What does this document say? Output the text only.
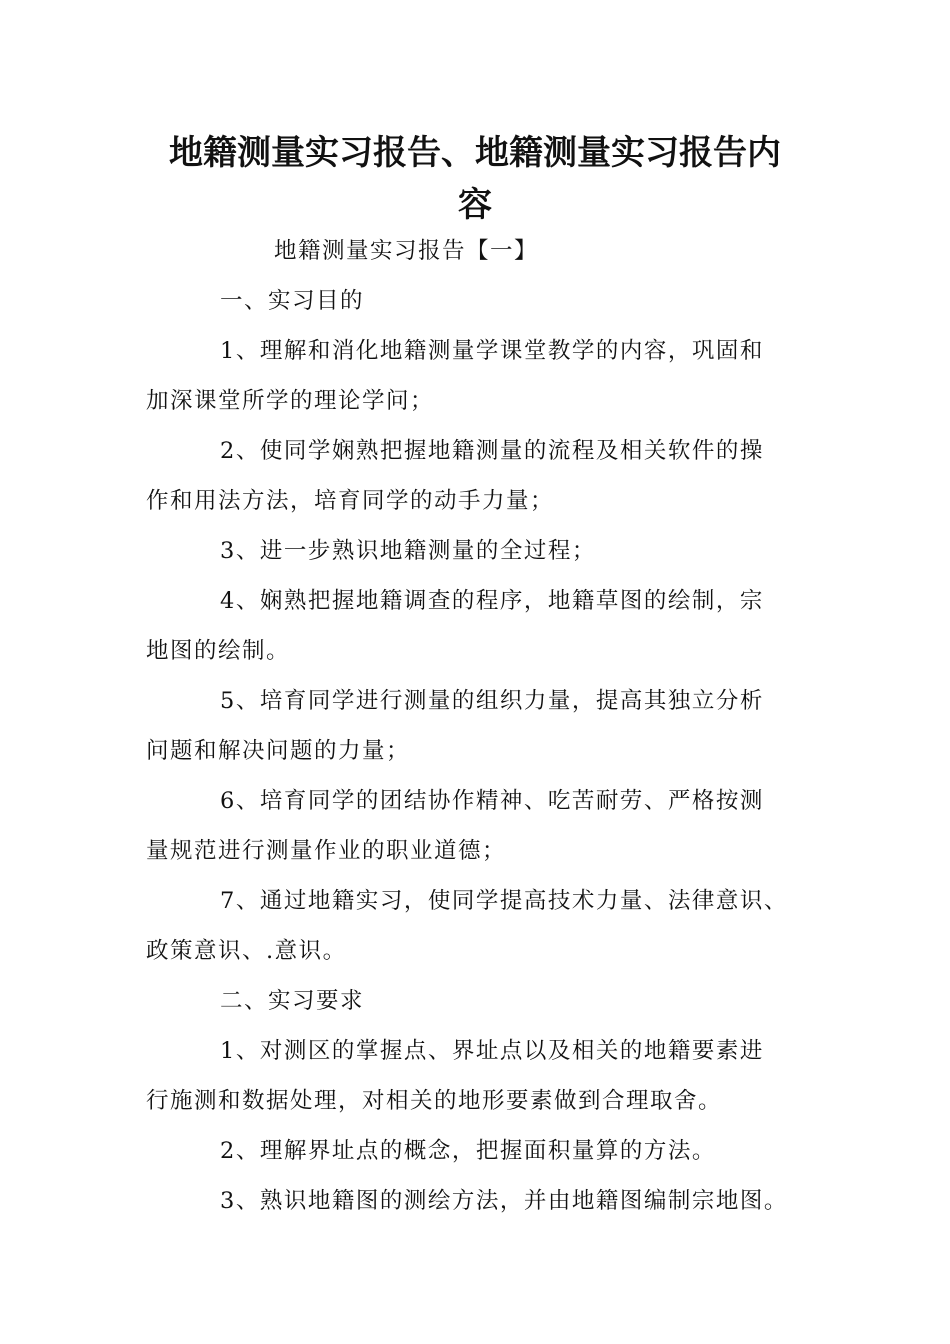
地籍测量实习报告、地籍测量实习报告内
容
地籍测量实习报告【一】
一、实习目的
1、理解和消化地籍测量学课堂教学的内容，巩固和
加深课堂所学的理论学问；
2、使同学娴熟把握地籍测量的流程及相关软件的操
作和用法方法，培育同学的动手力量；
3、进一步熟识地籍测量的全过程；
4、娴熟把握地籍调查的程序，地籍草图的绘制，宗
地图的绘制。
5、培育同学进行测量的组织力量，提高其独立分析
问题和解决问题的力量；
6、培育同学的团结协作精神、吃苦耐劳、严格按测
量规范进行测量作业的职业道德；
7、通过地籍实习，使同学提高技术力量、法律意识、
政策意识、.意识。
二、实习要求
1、对测区的掌握点、界址点以及相关的地籍要素进
行施测和数据处理，对相关的地形要素做到合理取舍。
2、理解界址点的概念，把握面积量算的方法。
3、熟识地籍图的测绘方法，并由地籍图编制宗地图。
